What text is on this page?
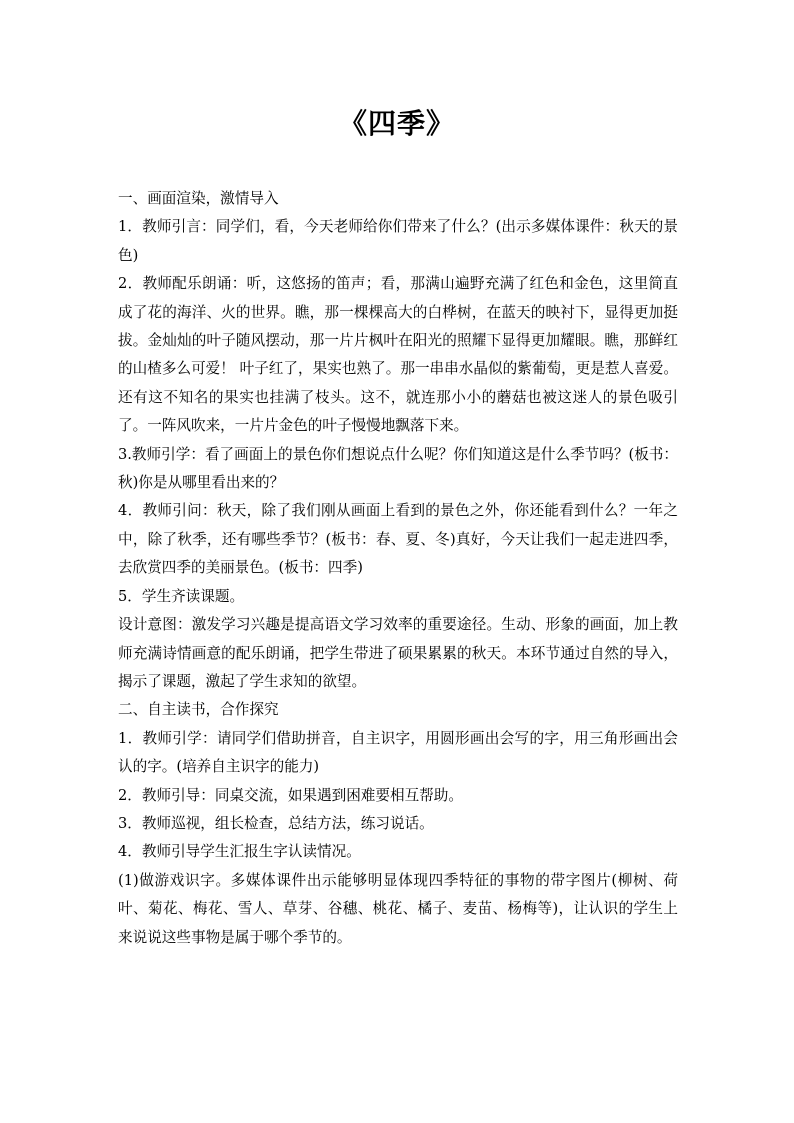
《四季》

一、画面渲染，激情导入

1．教师引言：同学们，看，今天老师给你们带来了什么？(出示多媒体课件：秋天的景色)

2．教师配乐朗诵：听，这悠扬的笛声；看，那满山遍野充满了红色和金色，这里简直成了花的海洋、火的世界。瞧，那一棵棵高大的白桦树，在蓝天的映衬下，显得更加挺拔。金灿灿的叶子随风摆动，那一片片枫叶在阳光的照耀下显得更加耀眼。瞧，那鲜红的山楂多么可爱！ 叶子红了，果实也熟了。那一串串水晶似的紫葡萄，更是惹人喜爱。还有这不知名的果实也挂满了枝头。这不，就连那小小的蘑菇也被这迷人的景色吸引了。一阵风吹来，一片片金色的叶子慢慢地飘落下来。

3.教师引学：看了画面上的景色你们想说点什么呢？你们知道这是什么季节吗？(板书：秋)你是从哪里看出来的？

4．教师引问：秋天，除了我们刚从画面上看到的景色之外，你还能看到什么？一年之中，除了秋季，还有哪些季节？(板书：春、夏、冬)真好，今天让我们一起走进四季，去欣赏四季的美丽景色。(板书：四季)

5．学生齐读课题。

设计意图：激发学习兴趣是提高语文学习效率的重要途径。生动、形象的画面，加上教师充满诗情画意的配乐朗诵，把学生带进了硕果累累的秋天。本环节通过自然的导入，揭示了课题，激起了学生求知的欲望。

二、自主读书，合作探究

1．教师引学：请同学们借助拼音，自主识字，用圆形画出会写的字，用三角形画出会认的字。(培养自主识字的能力)

2．教师引导：同桌交流，如果遇到困难要相互帮助。

3．教师巡视，组长检查，总结方法，练习说话。

4．教师引导学生汇报生字认读情况。

(1)做游戏识字。多媒体课件出示能够明显体现四季特征的事物的带字图片(柳树、荷叶、菊花、梅花、雪人、草芽、谷穗、桃花、橘子、麦苗、杨梅等)，让认识的学生上来说说这些事物是属于哪个季节的。
